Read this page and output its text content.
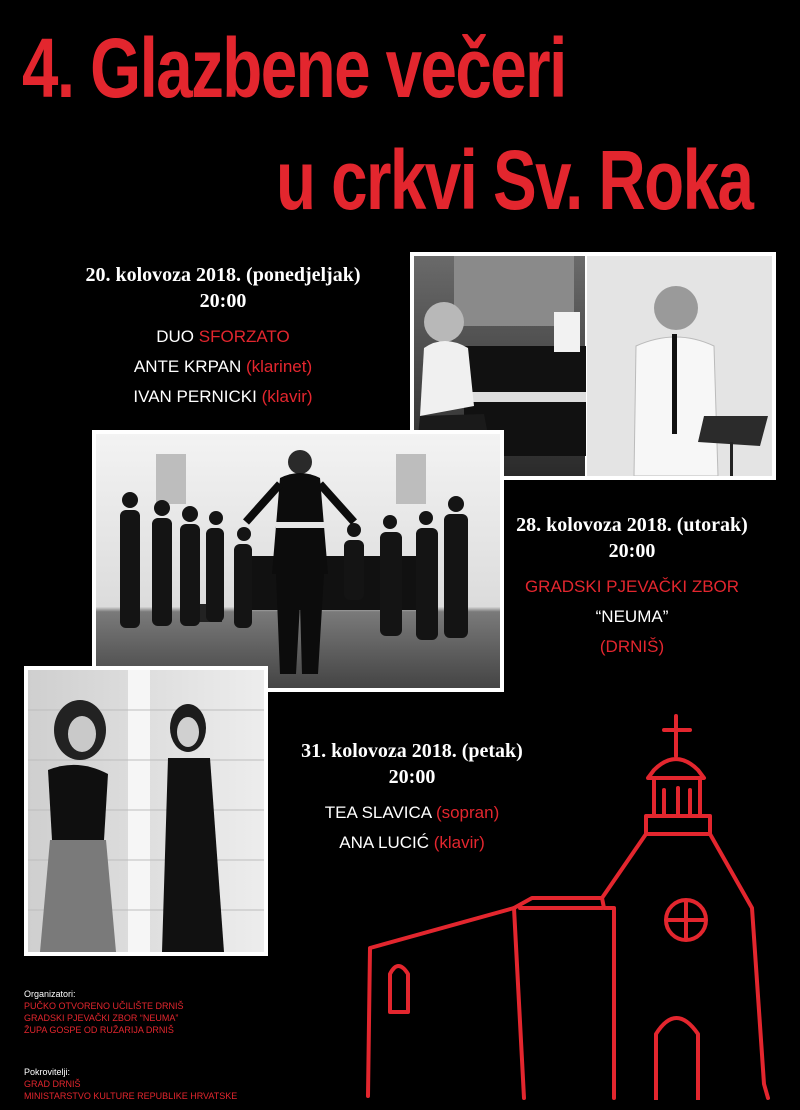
4. Glazbene večeri
u crkvi Sv. Roka
20. kolovoza 2018. (ponedjeljak)
20:00
DUO SFORZATO
ANTE KRPAN (klarinet)
IVAN PERNICKI (klavir)
28. kolovoza 2018. (utorak)
20:00
GRADSKI PJEVAČKI ZBOR
“NEUMA”
(DRNIŠ)
31. kolovoza 2018. (petak)
20:00
TEA SLAVICA (sopran)
ANA LUCIĆ (klavir)
Organizatori:
PUČKO OTVORENO UČILIŠTE DRNIŠ
GRADSKI PJEVAČKI ZBOR “NEUMA”
ŽUPA GOSPE OD RUŽARIJA DRNIŠ
Pokrovitelji:
GRAD DRNIŠ
MINISTARSTVO KULTURE REPUBLIKE HRVATSKE
